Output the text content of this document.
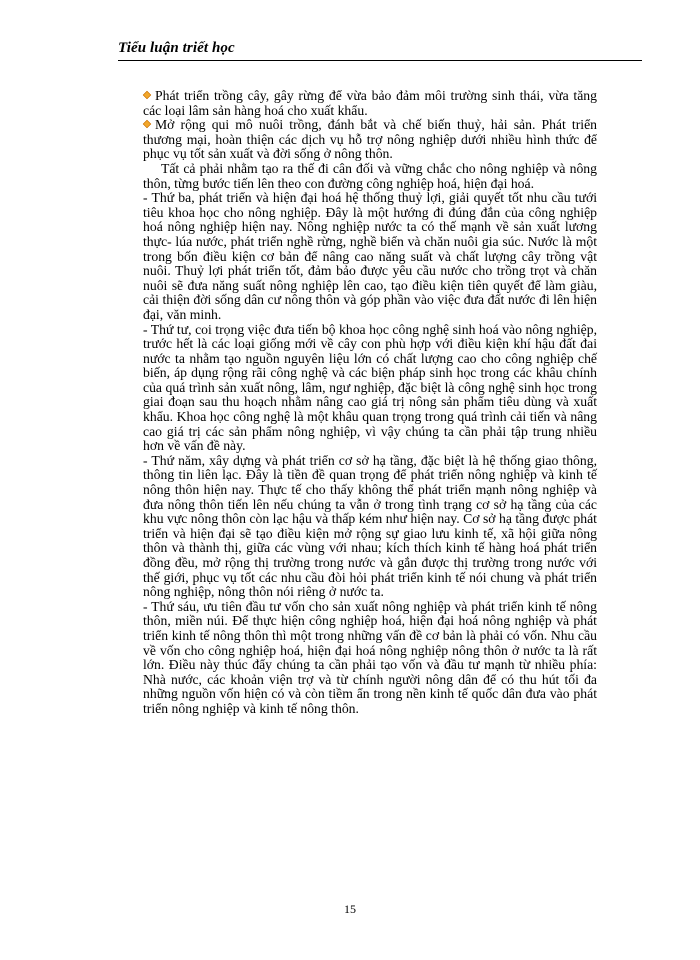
Tiểu luận triết học

Phát triển trồng cây, gây rừng để vừa bảo đảm môi trường sinh thái, vừa tăng các loại lâm sản hàng hoá cho xuất khẩu.

Mở rộng qui mô nuôi trồng, đánh bắt và chế biến thuỷ, hải sản. Phát triển thương mại, hoàn thiện các dịch vụ hỗ trợ nông nghiệp dưới nhiều hình thức để phục vụ tốt sản xuất và đời sống ở nông thôn.

Tất cả phải nhằm tạo ra thế đi cân đối và vững chắc cho nông nghiệp và nông thôn, từng bước tiến lên theo con đường công nghiệp hoá, hiện đại hoá.

- Thứ ba, phát triển và hiện đại hoá hệ thống thuỷ lợi, giải quyết tốt nhu cầu tưới tiêu khoa học cho nông nghiệp. Đây là một hướng đi đúng đắn của công nghiệp hoá nông nghiệp hiện nay. Nông nghiệp nước ta có thế mạnh về sản xuất lương thực- lúa nước, phát triển nghề rừng, nghề biển và chăn nuôi gia súc. Nước là một trong bốn điều kiện cơ bản để nâng cao năng suất và chất lượng cây trồng vật nuôi. Thuỷ lợi phát triển tốt, đảm bảo được yêu cầu nước cho trồng trọt và chăn nuôi sẽ đưa năng suất nông nghiệp lên cao, tạo điều kiện tiên quyết để làm giàu, cải thiện đời sống dân cư nông thôn và góp phần vào việc đưa đất nước đi lên hiện đại, văn minh.

- Thứ tư, coi trọng việc đưa tiến bộ khoa học công nghệ sinh hoá vào nông nghiệp, trước hết là các loại giống mới về cây con phù hợp với điều kiện khí hậu đất đai nước ta nhằm tạo nguồn nguyên liệu lớn có chất lượng cao cho công nghiệp chế biến, áp dụng rộng rãi công nghệ và các biện pháp sinh học trong các khâu chính của quá trình sản xuất nông, lâm, ngư nghiệp, đặc biệt là công nghệ sinh học trong giai đoạn sau thu hoạch nhằm nâng cao giá trị nông sản phẩm tiêu dùng và xuất khẩu. Khoa học công nghệ là một khâu quan trọng trong quá trình cải tiến và nâng cao giá trị các sản phẩm nông nghiệp, vì vậy chúng ta cần phải tập trung nhiều hơn về vấn đề này.

- Thứ năm, xây dựng và phát triển cơ sở hạ tầng, đặc biệt là hệ thống giao thông, thông tin liên lạc. Đây là tiền đề quan trọng để phát triển nông nghiệp và kinh tế nông thôn hiện nay. Thực tế cho thấy không thể phát triển mạnh nông nghiệp và đưa nông thôn tiến lên nếu chúng ta vẫn ở trong tình trạng cơ sở hạ tầng của các khu vực nông thôn còn lạc hậu và thấp kém như hiện nay. Cơ sở hạ tầng được phát triển và hiện đại sẽ tạo điều kiện mở rộng sự giao lưu kinh tế, xã hội giữa nông thôn và thành thị, giữa các vùng với nhau; kích thích kinh tế hàng hoá phát triển đồng đều, mở rộng thị trường trong nước và gắn được thị trường trong nước với thế giới, phục vụ tốt các nhu cầu đòi hỏi phát triển kinh tế nói chung và phát triển nông nghiệp, nông thôn nói riêng ở nước ta.

- Thứ sáu, ưu tiên đầu tư vốn cho sản xuất nông nghiệp và phát triển kinh tế nông thôn, miền núi. Để thực hiện công nghiệp hoá, hiện đại hoá nông nghiệp và phát triển kinh tế nông thôn thì một trong những vấn đề cơ bản là phải có vốn. Nhu cầu về vốn cho công nghiệp hoá, hiện đại hoá nông nghiệp nông thôn ở nước ta là rất lớn. Điều này thúc đẩy chúng ta cần phải tạo vốn và đầu tư mạnh từ nhiều phía: Nhà nước, các khoản viện trợ và từ chính người nông dân để có thu hút tối đa những nguồn vốn hiện có và còn tiềm ẩn trong nền kinh tế quốc dân đưa vào phát triển nông nghiệp và kinh tế nông thôn.

15
